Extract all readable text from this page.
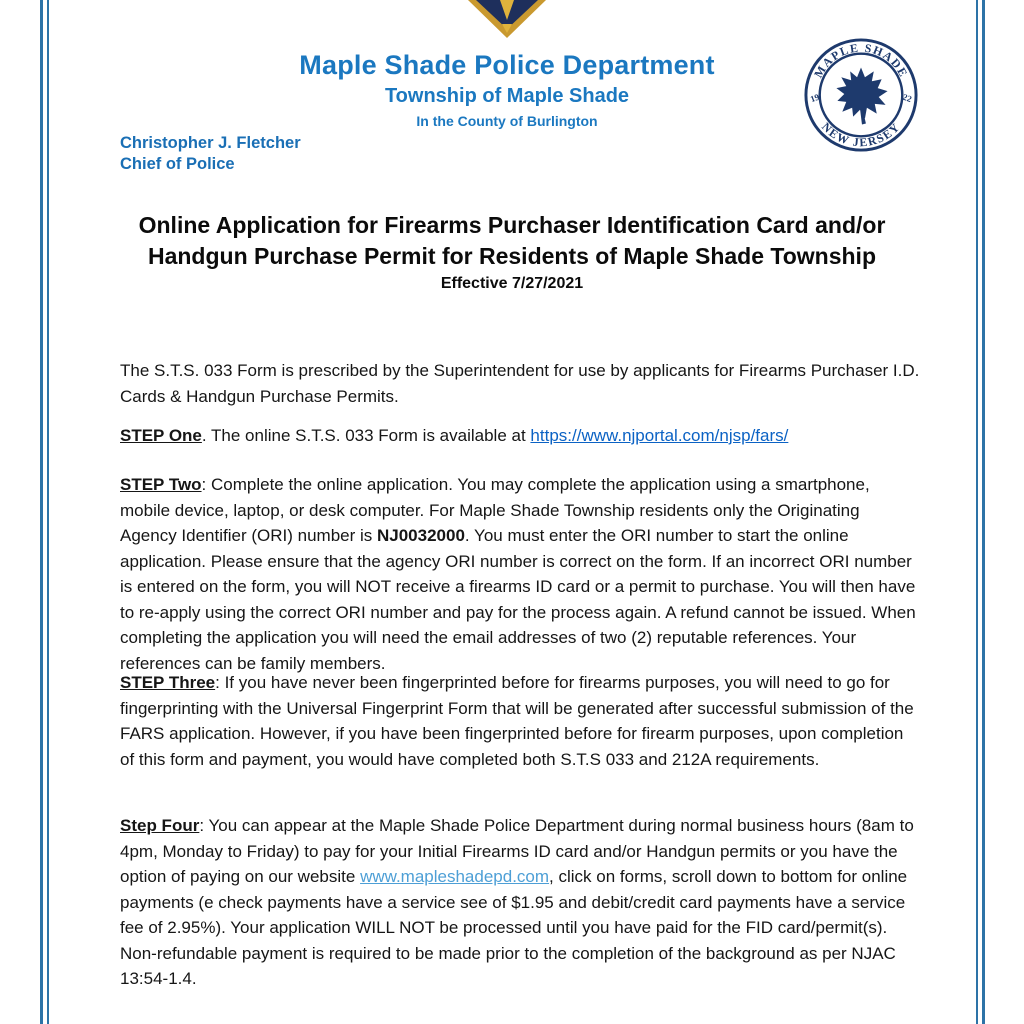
Maple Shade Police Department
Township of Maple Shade
In the County of Burlington
Christopher J. Fletcher
Chief of Police
MAPLE SHADE
NEW JERSEY
19	22
Online Application for Firearms Purchaser Identification Card and/or
Handgun Purchase Permit for Residents of Maple Shade Township
Effective 7/27/2021

The S.T.S. 033 Form is prescribed by the Superintendent for use by applicants for Firearms Purchaser I.D. Cards & Handgun Purchase Permits.

STEP One. The online S.T.S. 033 Form is available at https://www.njportal.com/njsp/fars/

STEP Two: Complete the online application. You may complete the application using a smartphone, mobile device, laptop, or desk computer. For Maple Shade Township residents only the Originating Agency Identifier (ORI) number is NJ0032000. You must enter the ORI number to start the online application. Please ensure that the agency ORI number is correct on the form. If an incorrect ORI number is entered on the form, you will NOT receive a firearms ID card or a permit to purchase. You will then have to re-apply using the correct ORI number and pay for the process again. A refund cannot be issued. When completing the application you will need the email addresses of two (2) reputable references. Your references can be family members.

STEP Three: If you have never been fingerprinted before for firearms purposes, you will need to go for fingerprinting with the Universal Fingerprint Form that will be generated after successful submission of the FARS application. However, if you have been fingerprinted before for firearm purposes, upon completion of this form and payment, you would have completed both S.T.S 033 and 212A requirements.

Step Four: You can appear at the Maple Shade Police Department during normal business hours (8am to 4pm, Monday to Friday) to pay for your Initial Firearms ID card and/or Handgun permits or you have the option of paying on our website www.mapleshadepd.com, click on forms, scroll down to bottom for online payments (e check payments have a service see of $1.95 and debit/credit card payments have a service fee of 2.95%). Your application WILL NOT be processed until you have paid for the FID card/permit(s). Non-refundable payment is required to be made prior to the completion of the background as per NJAC 13:54-1.4.
